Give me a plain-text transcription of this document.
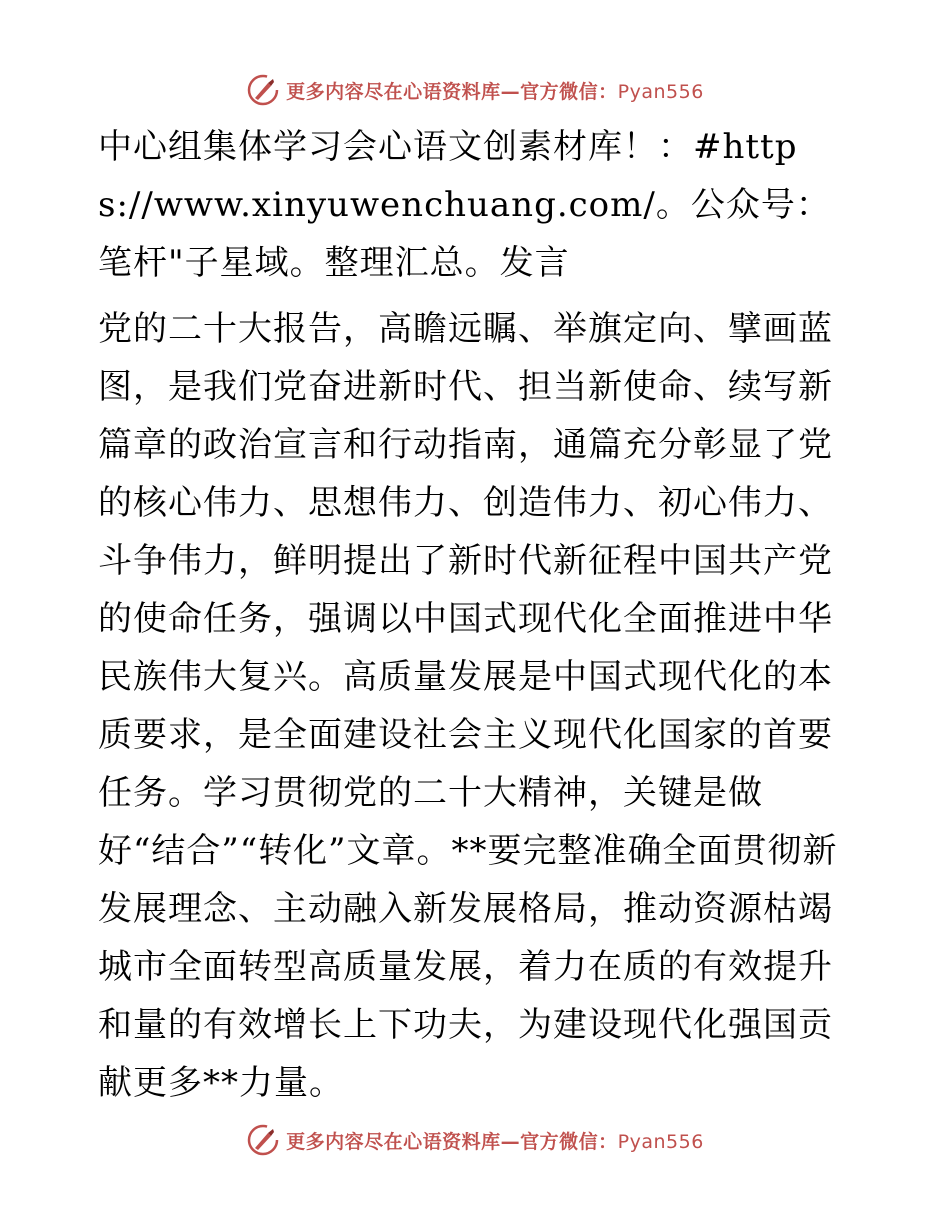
更多内容尽在心语资料库—官方微信：Pyan556

中心组集体学习会心语文创素材库！：#https://www.xinyuwenchuang.com/。公众号：笔杆"子星域。整理汇总。发言

党的二十大报告，高瞻远瞩、举旗定向、擘画蓝图，是我们党奋进新时代、担当新使命、续写新篇章的政治宣言和行动指南，通篇充分彰显了党的核心伟力、思想伟力、创造伟力、初心伟力、斗争伟力，鲜明提出了新时代新征程中国共产党的使命任务，强调以中国式现代化全面推进中华民族伟大复兴。高质量发展是中国式现代化的本质要求，是全面建设社会主义现代化国家的首要任务。学习贯彻党的二十大精神，关键是做好“结合”“转化”文章。**要完整准确全面贯彻新发展理念、主动融入新发展格局，推动资源枯竭城市全面转型高质量发展，着力在质的有效提升和量的有效增长上下功夫，为建设现代化强国贡献更多**力量。

更多内容尽在心语资料库—官方微信：Pyan556
